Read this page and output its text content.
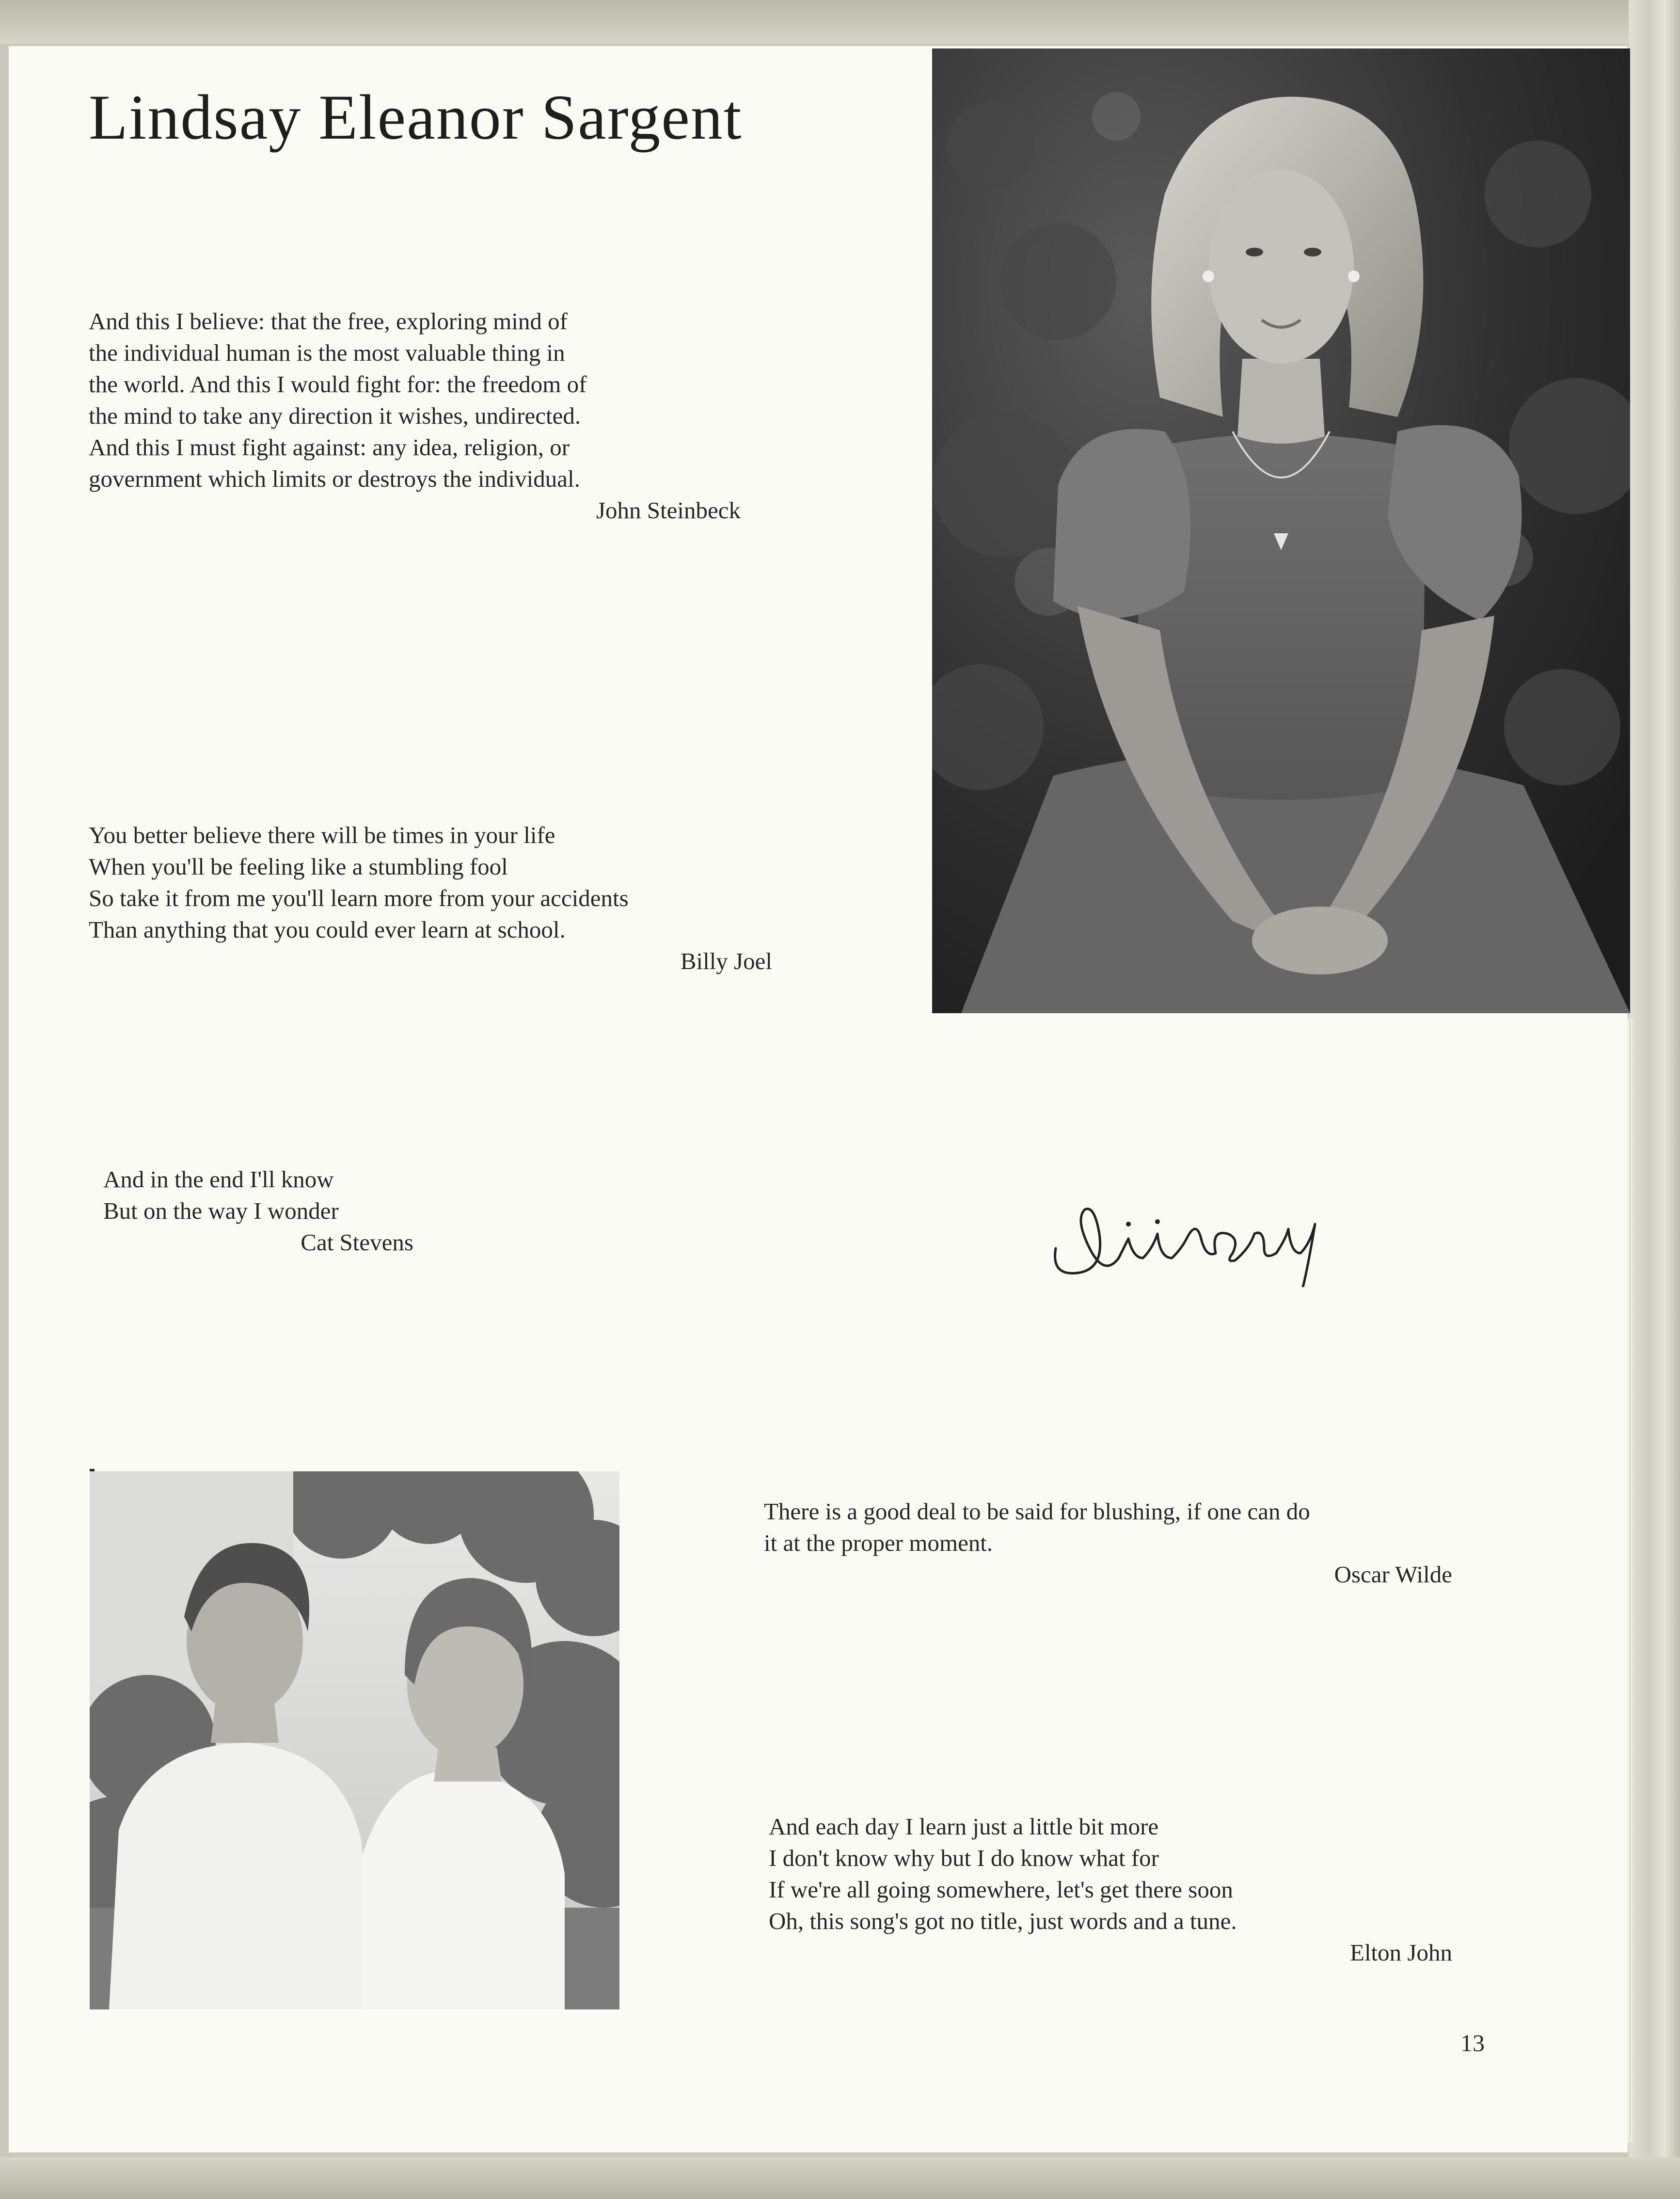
Lindsay Eleanor Sargent
And this I believe: that the free, exploring mind of
the individual human is the most valuable thing in
the world. And this I would fight for: the freedom of
the mind to take any direction it wishes, undirected.
And this I must fight against: any idea, religion, or
government which limits or destroys the individual.
John Steinbeck
You better believe there will be times in your life
When you'll be feeling like a stumbling fool
So take it from me you'll learn more from your accidents
Than anything that you could ever learn at school.
Billy Joel
And in the end I'll know
But on the way I wonder
Cat Stevens
There is a good deal to be said for blushing, if one can do
it at the proper moment.
Oscar Wilde
And each day I learn just a little bit more
I don't know why but I do know what for
If we're all going somewhere, let's get there soon
Oh, this song's got no title, just words and a tune.
Elton John
13
